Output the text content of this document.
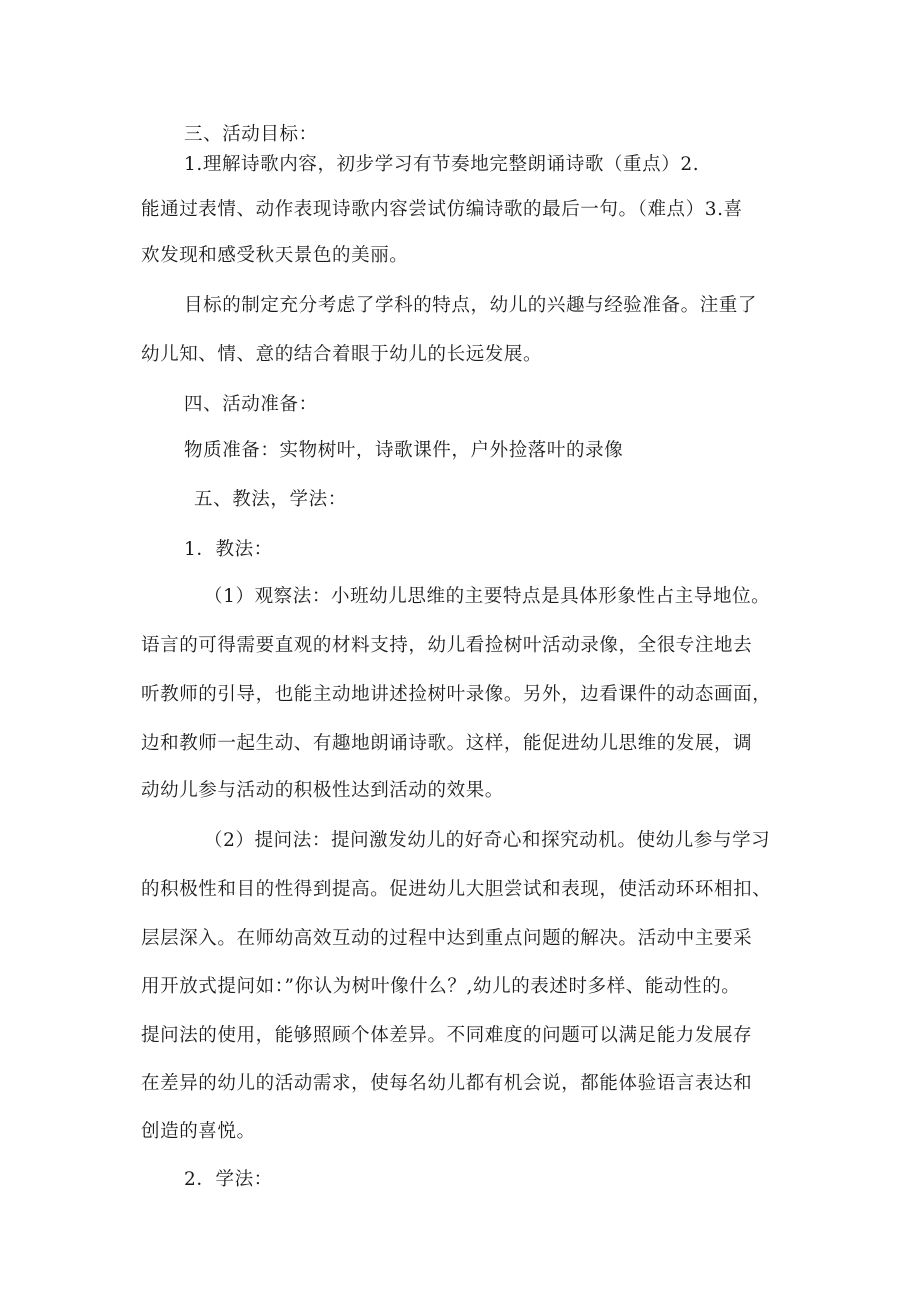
三、活动目标：
1.理解诗歌内容，初步学习有节奏地完整朗诵诗歌（重点）2.
能通过表情、动作表现诗歌内容尝试仿编诗歌的最后一句。（难点）3.喜
欢发现和感受秋天景色的美丽。
目标的制定充分考虑了学科的特点，幼儿的兴趣与经验准备。注重了
幼儿知、情、意的结合着眼于幼儿的长远发展。
四、活动准备：
物质准备：实物树叶，诗歌课件，户外捡落叶的录像
五、教法，学法：
1．教法：
（1）观察法：小班幼儿思维的主要特点是具体形象性占主导地位。
语言的可得需要直观的材料支持，幼儿看捡树叶活动录像，全很专注地去
听教师的引导，也能主动地讲述捡树叶录像。另外，边看课件的动态画面，
边和教师一起生动、有趣地朗诵诗歌。这样，能促进幼儿思维的发展，调
动幼儿参与活动的积极性达到活动的效果。
（2）提问法：提问激发幼儿的好奇心和探究动机。使幼儿参与学习
的积极性和目的性得到提高。促进幼儿大胆尝试和表现，使活动环环相扣、
层层深入。在师幼高效互动的过程中达到重点问题的解决。活动中主要采
用开放式提问如：”你认为树叶像什么？,幼儿的表述时多样、能动性的。
提问法的使用，能够照顾个体差异。不同难度的问题可以满足能力发展存
在差异的幼儿的活动需求，使每名幼儿都有机会说，都能体验语言表达和
创造的喜悦。
2．学法：
